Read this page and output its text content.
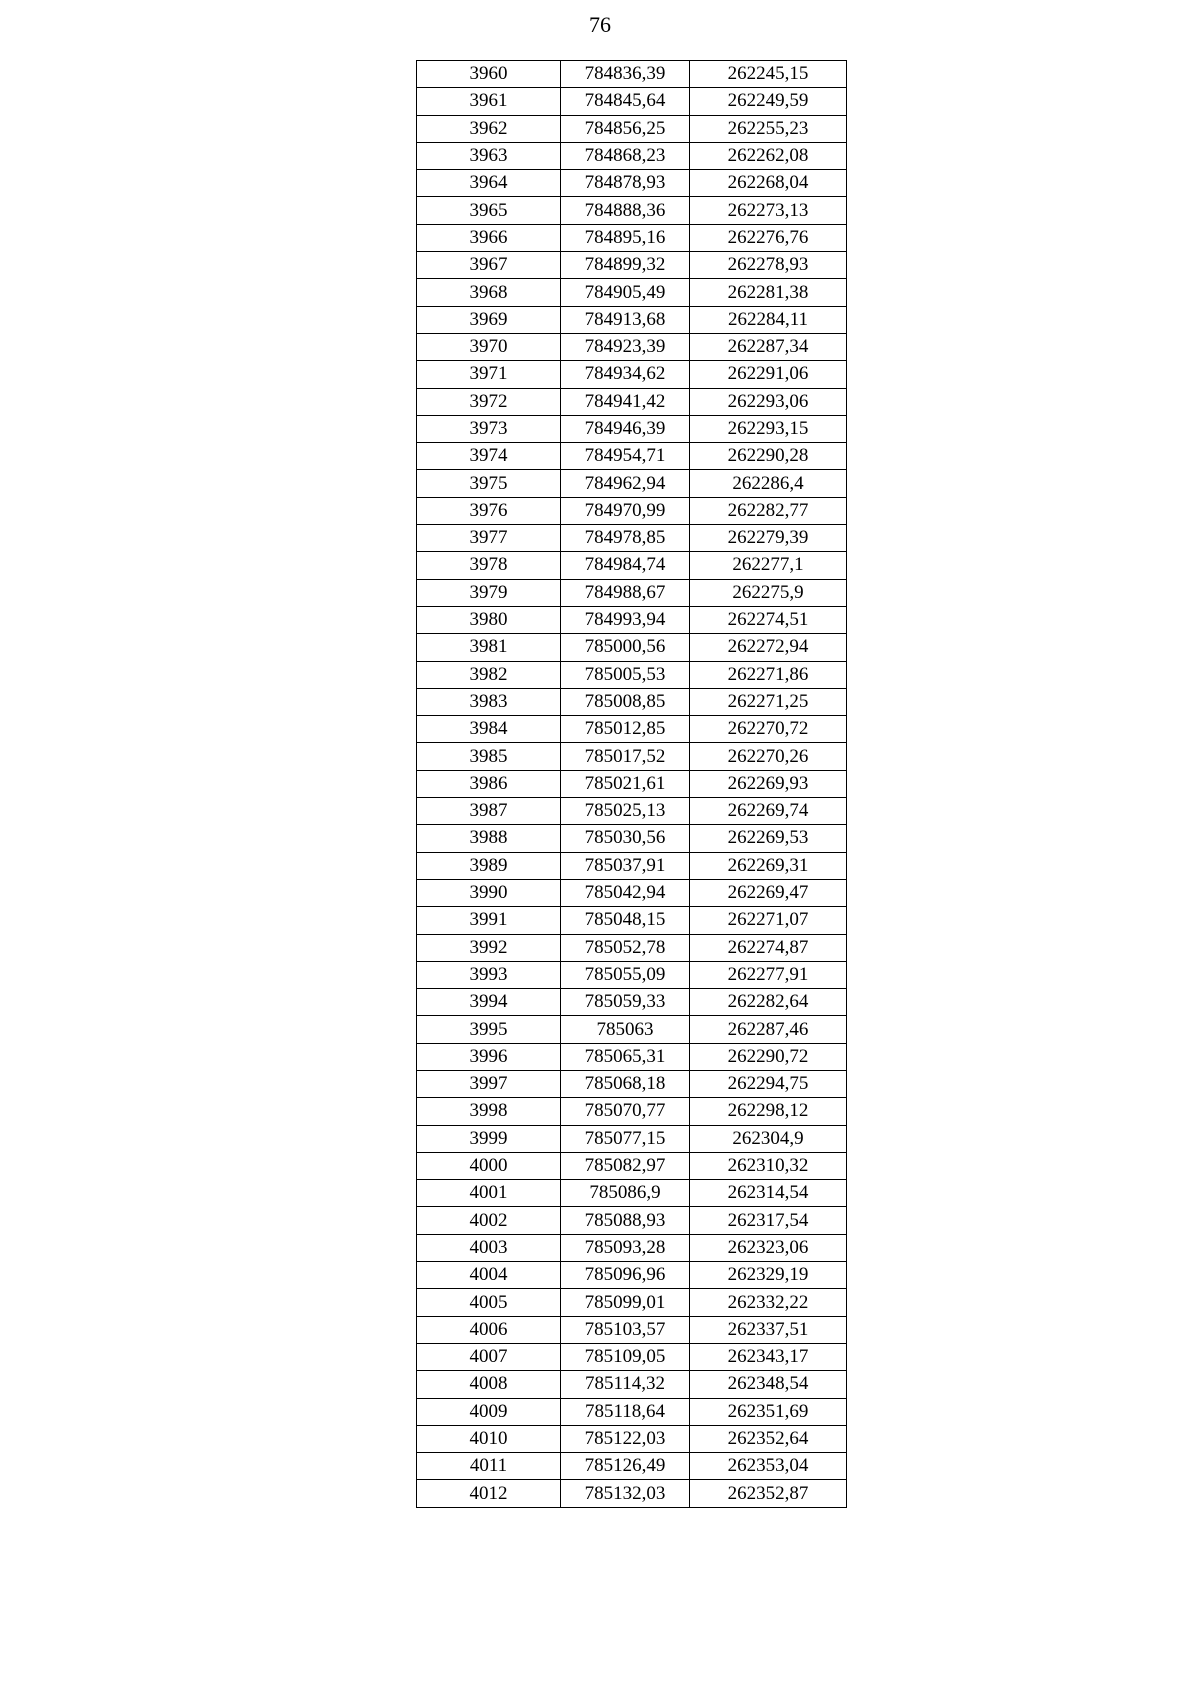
76
3960	784836,39	262245,15
3961	784845,64	262249,59
3962	784856,25	262255,23
3963	784868,23	262262,08
3964	784878,93	262268,04
3965	784888,36	262273,13
3966	784895,16	262276,76
3967	784899,32	262278,93
3968	784905,49	262281,38
3969	784913,68	262284,11
3970	784923,39	262287,34
3971	784934,62	262291,06
3972	784941,42	262293,06
3973	784946,39	262293,15
3974	784954,71	262290,28
3975	784962,94	262286,4
3976	784970,99	262282,77
3977	784978,85	262279,39
3978	784984,74	262277,1
3979	784988,67	262275,9
3980	784993,94	262274,51
3981	785000,56	262272,94
3982	785005,53	262271,86
3983	785008,85	262271,25
3984	785012,85	262270,72
3985	785017,52	262270,26
3986	785021,61	262269,93
3987	785025,13	262269,74
3988	785030,56	262269,53
3989	785037,91	262269,31
3990	785042,94	262269,47
3991	785048,15	262271,07
3992	785052,78	262274,87
3993	785055,09	262277,91
3994	785059,33	262282,64
3995	785063	262287,46
3996	785065,31	262290,72
3997	785068,18	262294,75
3998	785070,77	262298,12
3999	785077,15	262304,9
4000	785082,97	262310,32
4001	785086,9	262314,54
4002	785088,93	262317,54
4003	785093,28	262323,06
4004	785096,96	262329,19
4005	785099,01	262332,22
4006	785103,57	262337,51
4007	785109,05	262343,17
4008	785114,32	262348,54
4009	785118,64	262351,69
4010	785122,03	262352,64
4011	785126,49	262353,04
4012	785132,03	262352,87
